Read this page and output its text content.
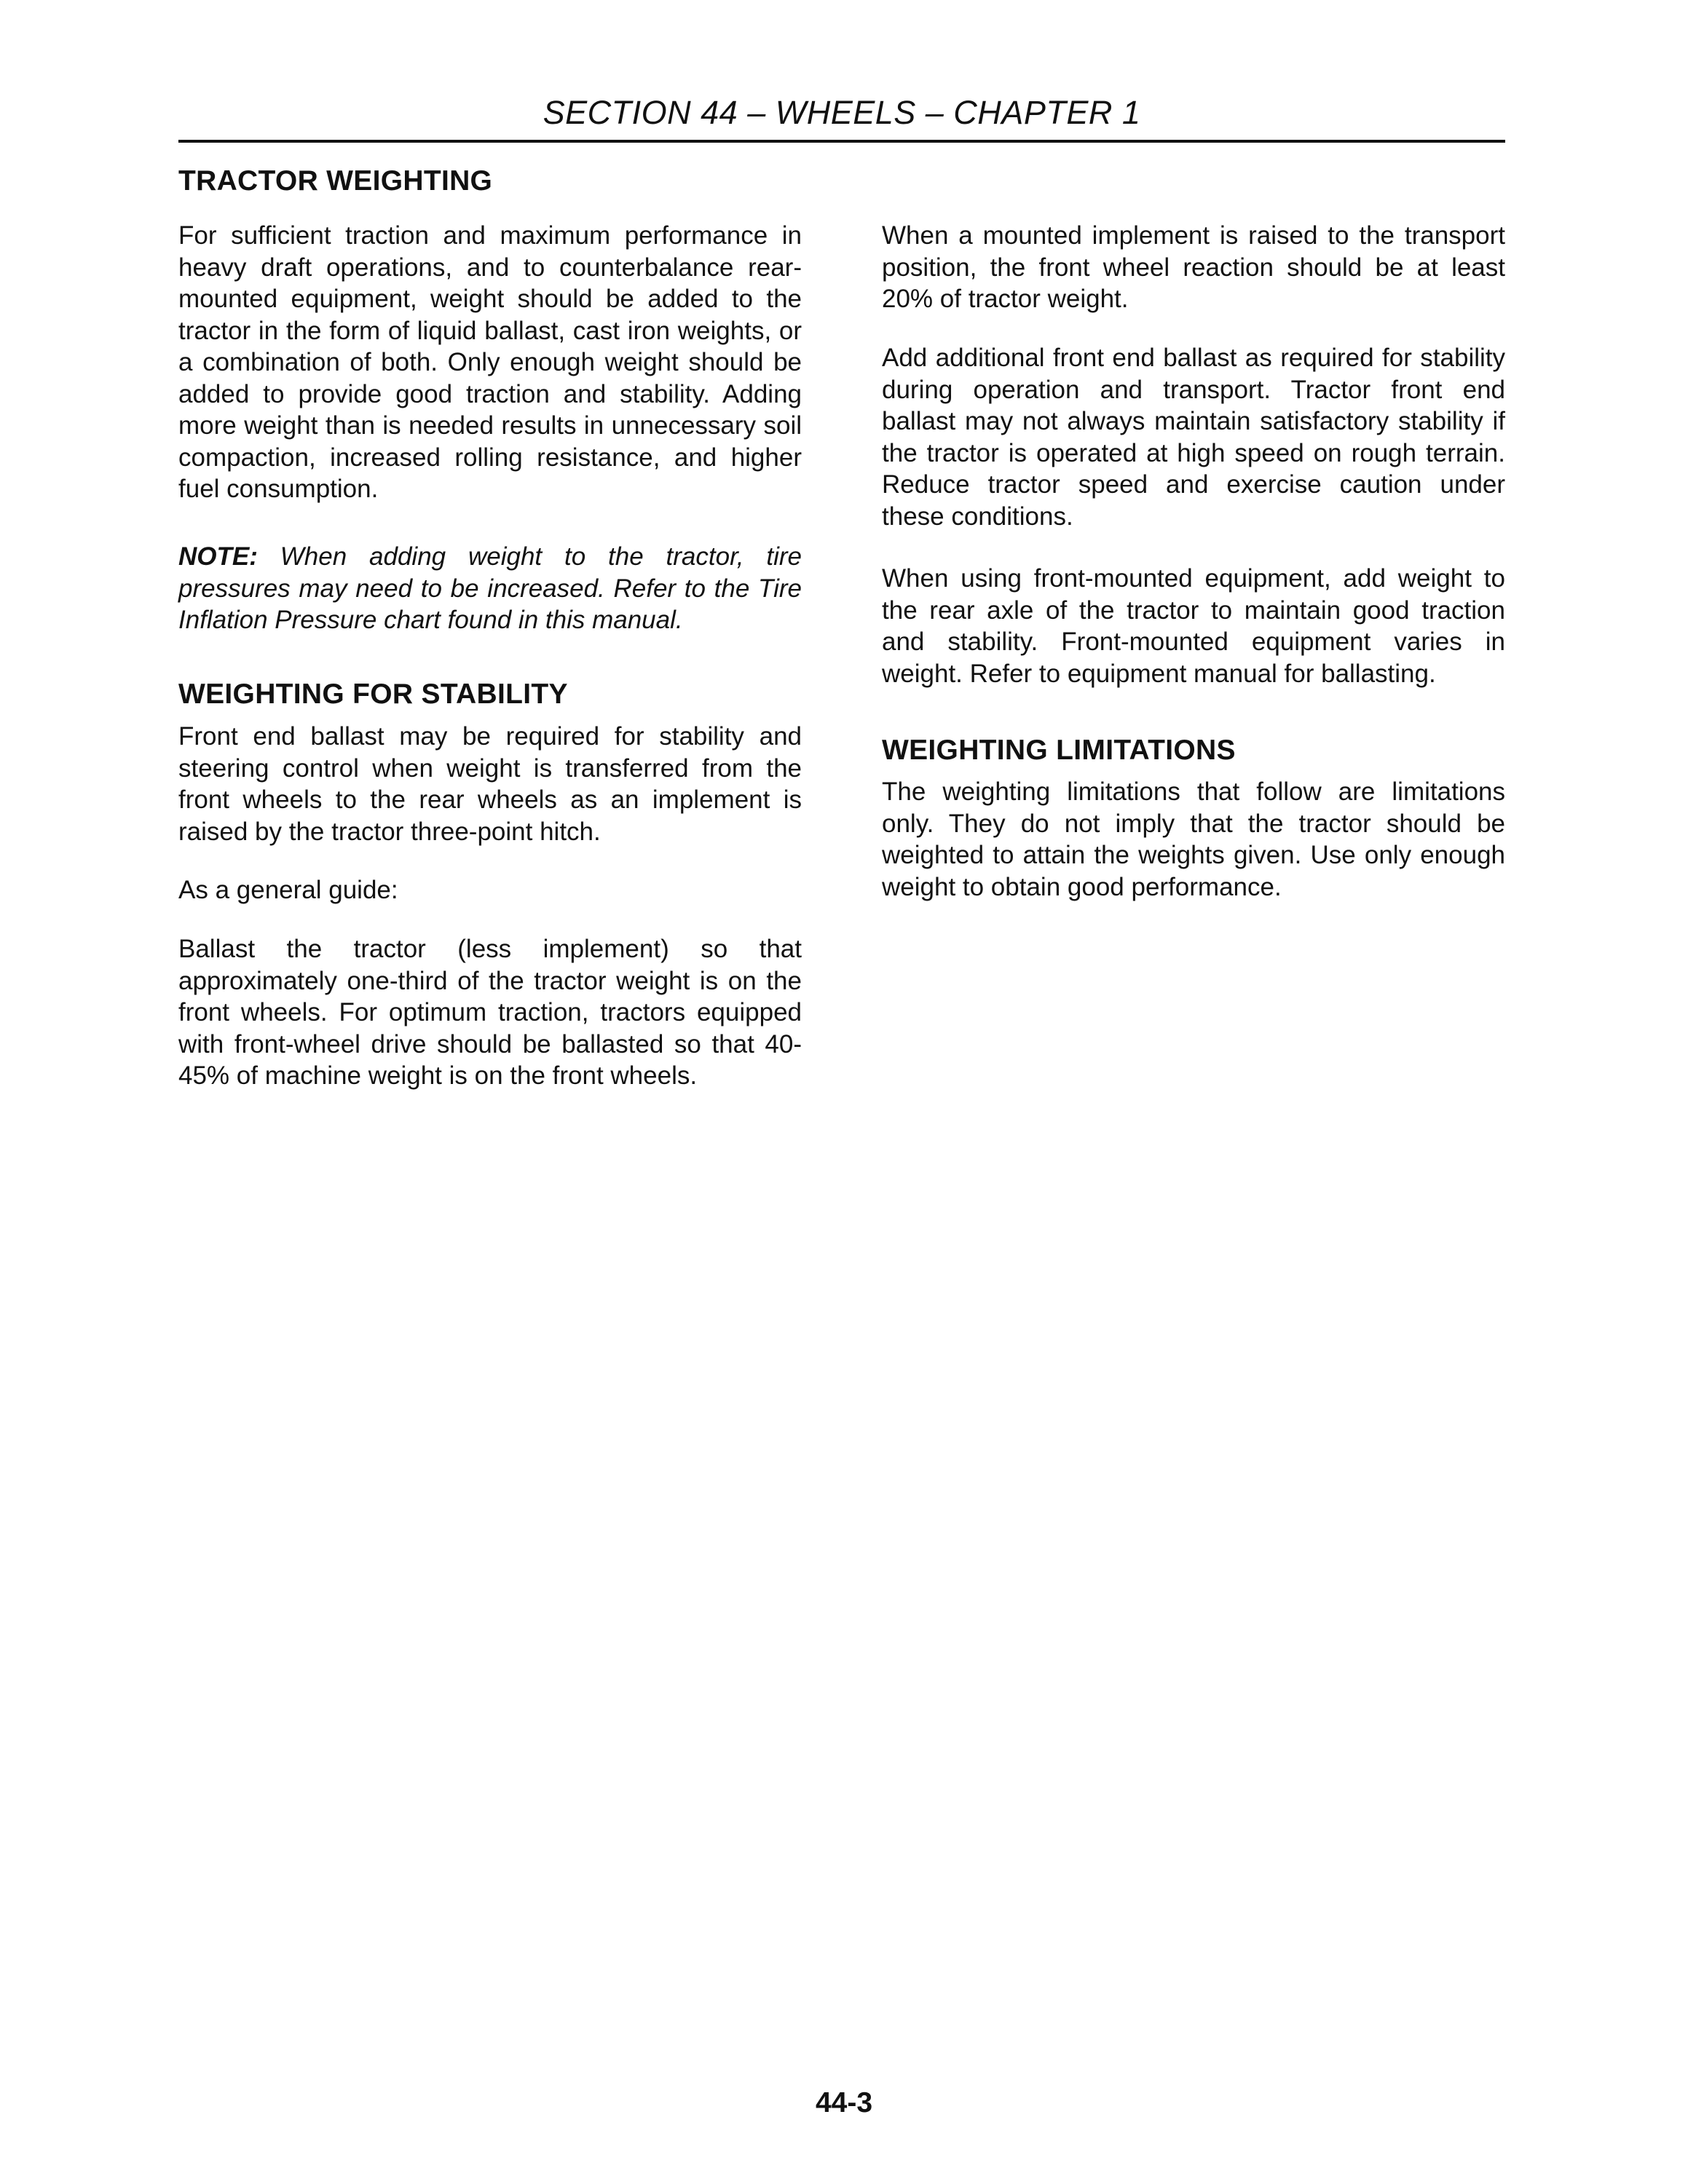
SECTION 44 – WHEELS – CHAPTER 1
TRACTOR WEIGHTING

For sufficient traction and maximum performance in heavy draft operations, and to counterbalance rear-mounted equipment, weight should be added to the tractor in the form of liquid ballast, cast iron weights, or a combination of both. Only enough weight should be added to provide good traction and stability. Adding more weight than is needed results in unnecessary soil compaction, increased rolling resistance, and higher fuel consumption.

NOTE: When adding weight to the tractor, tire pressures may need to be increased. Refer to the Tire Inflation Pressure chart found in this manual.

WEIGHTING FOR STABILITY

Front end ballast may be required for stability and steering control when weight is transferred from the front wheels to the rear wheels as an implement is raised by the tractor three-point hitch.

As a general guide:

Ballast the tractor (less implement) so that approximately one-third of the tractor weight is on the front wheels. For optimum traction, tractors equipped with front-wheel drive should be ballasted so that 40-45% of machine weight is on the front wheels.

When a mounted implement is raised to the transport position, the front wheel reaction should be at least 20% of tractor weight.

Add additional front end ballast as required for stability during operation and transport. Tractor front end ballast may not always maintain satisfactory stability if the tractor is operated at high speed on rough terrain. Reduce tractor speed and exercise caution under these conditions.

When using front-mounted equipment, add weight to the rear axle of the tractor to maintain good traction and stability. Front-mounted equipment varies in weight. Refer to equipment manual for ballasting.

WEIGHTING LIMITATIONS

The weighting limitations that follow are limitations only. They do not imply that the tractor should be weighted to attain the weights given. Use only enough weight to obtain good performance.

44-3
